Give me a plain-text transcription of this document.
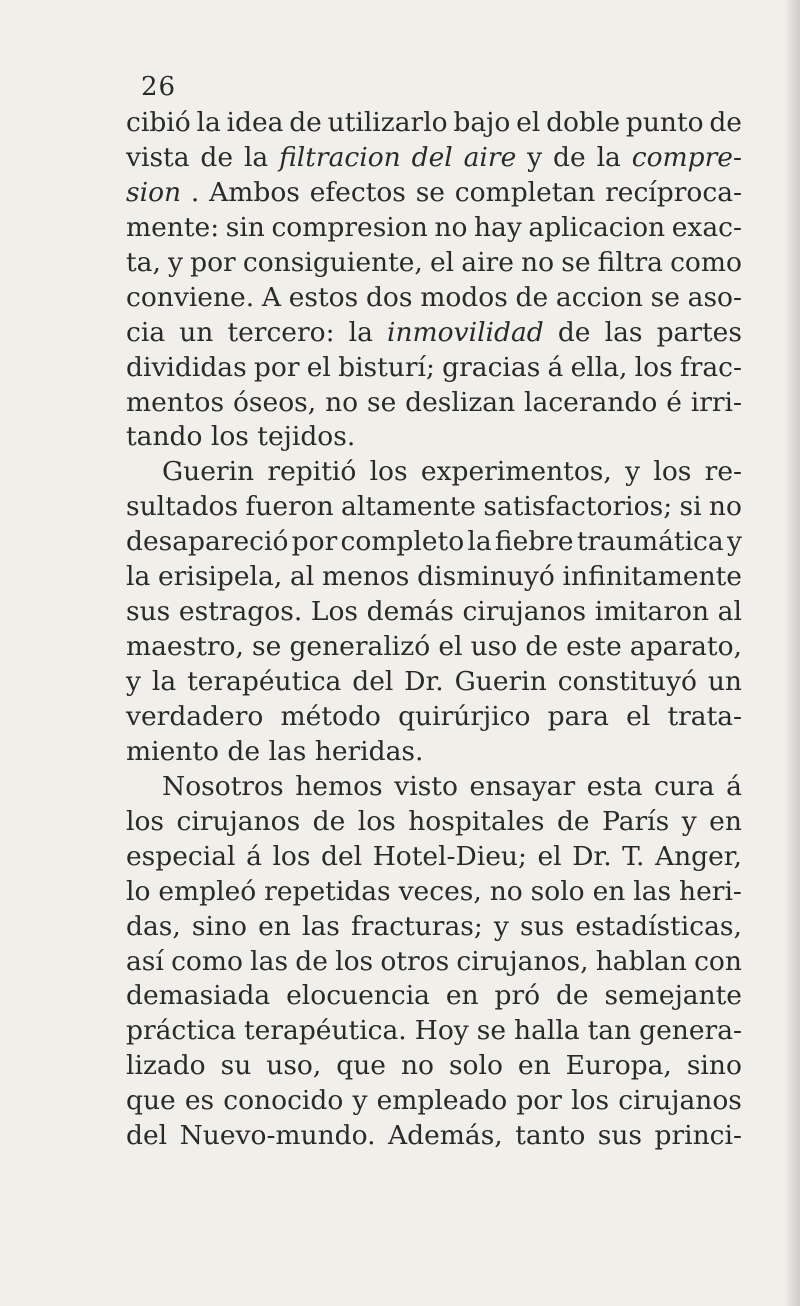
26
cibió la idea de utilizarlo bajo el doble punto de
vista de la filtracion del aire y de la compre-
sion . Ambos efectos se completan recíproca-
mente: sin compresion no hay aplicacion exac-
ta, y por consiguiente, el aire no se filtra como
conviene. A estos dos modos de accion se aso-
cia un tercero: la inmovilidad de las partes
divididas por el bisturí; gracias á ella, los frac-
mentos óseos, no se deslizan lacerando é irri-
tando los tejidos.
Guerin repitió los experimentos, y los re-
sultados fueron altamente satisfactorios; si no
desapareció por completo la fiebre traumática y
la erisipela, al menos disminuyó infinitamente
sus estragos. Los demás cirujanos imitaron al
maestro, se generalizó el uso de este aparato,
y la terapéutica del Dr. Guerin constituyó un
verdadero método quirúrjico para el trata-
miento de las heridas.
Nosotros hemos visto ensayar esta cura á
los cirujanos de los hospitales de París y en
especial á los del Hotel-Dieu; el Dr. T. Anger,
lo empleó repetidas veces, no solo en las heri-
das, sino en las fracturas; y sus estadísticas,
así como las de los otros cirujanos, hablan con
demasiada elocuencia en pró de semejante
práctica terapéutica. Hoy se halla tan genera-
lizado su uso, que no solo en Europa, sino
que es conocido y empleado por los cirujanos
del Nuevo-mundo. Además, tanto sus princi-
